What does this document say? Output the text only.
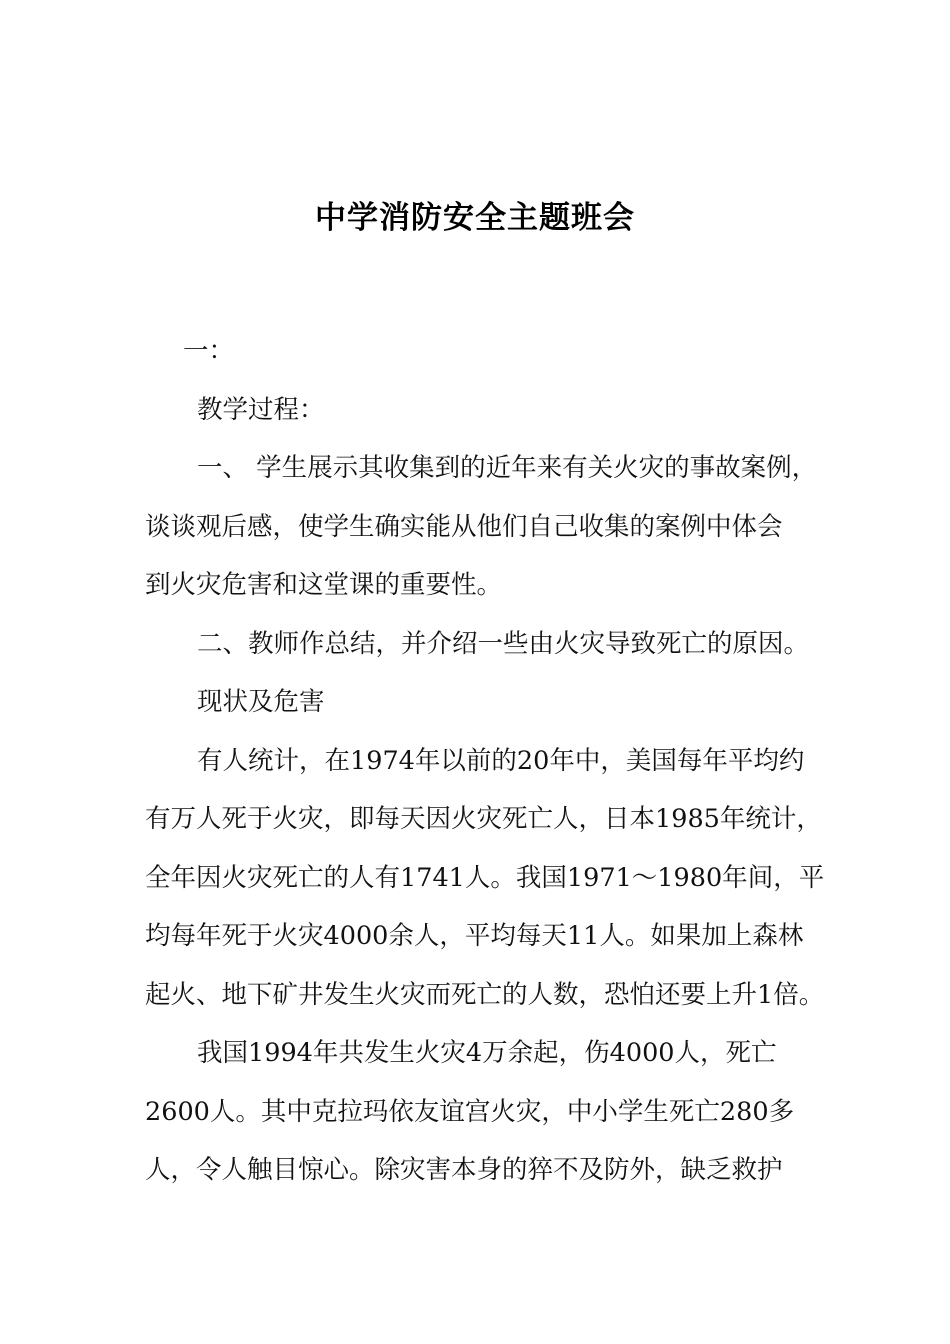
中学消防安全主题班会

一：

教学过程：

一、 学生展示其收集到的近年来有关火灾的事故案例，

谈谈观后感，使学生确实能从他们自己收集的案例中体会

到火灾危害和这堂课的重要性。

二、教师作总结，并介绍一些由火灾导致死亡的原因。

现状及危害

有人统计，在1974年以前的20年中，美国每年平均约

有万人死于火灾，即每天因火灾死亡人，日本1985年统计，

全年因火灾死亡的人有1741人。我国1971～1980年间，平

均每年死于火灾4000余人，平均每天11人。如果加上森林

起火、地下矿井发生火灾而死亡的人数，恐怕还要上升1倍。

我国1994年共发生火灾4万余起，伤4000人，死亡

2600人。其中克拉玛依友谊宫火灾，中小学生死亡280多

人，令人触目惊心。除灾害本身的猝不及防外，缺乏救护
